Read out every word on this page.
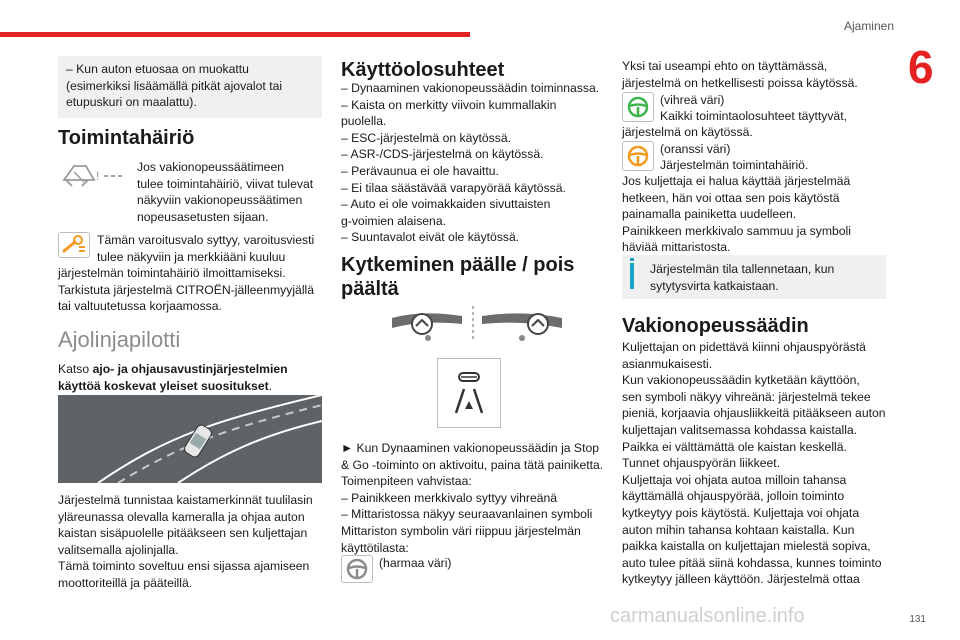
Ajaminen
6

– Kun auton etuosaa on muokattu

(esimerkiksi lisäämällä pitkät ajovalot tai

etupuskuri on maalattu).

Toimintahäiriö
!

Jos vakionopeussäätimeen

tulee toimintahäiriö, viivat tulevat

näkyviin vakionopeussäätimen

nopeusasetusten sijaan.

Tämän varoitusvalo syttyy, varoitusviesti

tulee näkyviin ja merkkiääni kuuluu

järjestelmän toimintahäiriö ilmoittamiseksi.

Tarkistuta järjestelmä CITROËN-jälleenmyyjällä

tai valtuutetussa korjaamossa.

Ajolinjapilotti

Katso ajo- ja ohjausavustinjärjestelmien

käyttöä koskevat yleiset suositukset.

Järjestelmä tunnistaa kaistamerkinnät tuulilasin

yläreunassa olevalla kameralla ja ohjaa auton

kaistan sisäpuolelle pitääkseen sen kuljettajan

valitsemalla ajolinjalla.

Tämä toiminto soveltuu ensi sijassa ajamiseen

moottoriteillä ja pääteillä.

Käyttöolosuhteet

– Dynaaminen vakionopeussäädin toiminnassa.

– Kaista on merkitty viivoin kummallakin

puolella.

– ESC-järjestelmä on käytössä.

– ASR-/CDS-järjestelmä on käytössä.

– Perävaunua ei ole havaittu.

– Ei tilaa säästävää varapyörää käytössä.

– Auto ei ole voimakkaiden sivuttaisten

g-voimien alaisena.

– Suuntavalot eivät ole käytössä.

Kytkeminen päälle / pois
päältä

► Kun Dynaaminen vakionopeussäädin ja Stop

& Go -toiminto on aktivoitu, paina tätä painiketta.

Toimenpiteen vahvistaa:

– Painikkeen merkkivalo syttyy vihreänä

– Mittaristossa näkyy seuraavanlainen symboli

Mittariston symbolin väri riippuu järjestelmän

käyttötilasta:

(harmaa väri)

Yksi tai useampi ehto on täyttämässä,

järjestelmä on hetkellisesti poissa käytössä.

(vihreä väri)

Kaikki toimintaolosuhteet täyttyvät,

järjestelmä on käytössä.

(oranssi väri)

Järjestelmän toimintahäiriö.

Jos kuljettaja ei halua käyttää järjestelmää

hetkeen, hän voi ottaa sen pois käytöstä

painamalla painiketta uudelleen.

Painikkeen merkkivalo sammuu ja symboli

häviää mittaristosta.

Järjestelmän tila tallennetaan, kun

sytytysvirta katkaistaan.

Vakionopeussäädin

Kuljettajan on pidettävä kiinni ohjauspyörästä

asianmukaisesti.

Kun vakionopeussäädin kytketään käyttöön,

sen symboli näkyy vihreänä: järjestelmä tekee

pieniä, korjaavia ohjausliikkeitä pitääkseen auton

kuljettajan valitsemassa kohdassa kaistalla.

Paikka ei välttämättä ole kaistan keskellä.

Tunnet ohjauspyörän liikkeet.

Kuljettaja voi ohjata autoa milloin tahansa

käyttämällä ohjauspyörää, jolloin toiminto

kytkeytyy pois käytöstä. Kuljettaja voi ohjata

auton mihin tahansa kohtaan kaistalla. Kun

paikka kaistalla on kuljettajan mielestä sopiva,

auto tulee pitää siinä kohdassa, kunnes toiminto

kytkeytyy jälleen käyttöön. Järjestelmä ottaa

carmanualsonline.info	131
